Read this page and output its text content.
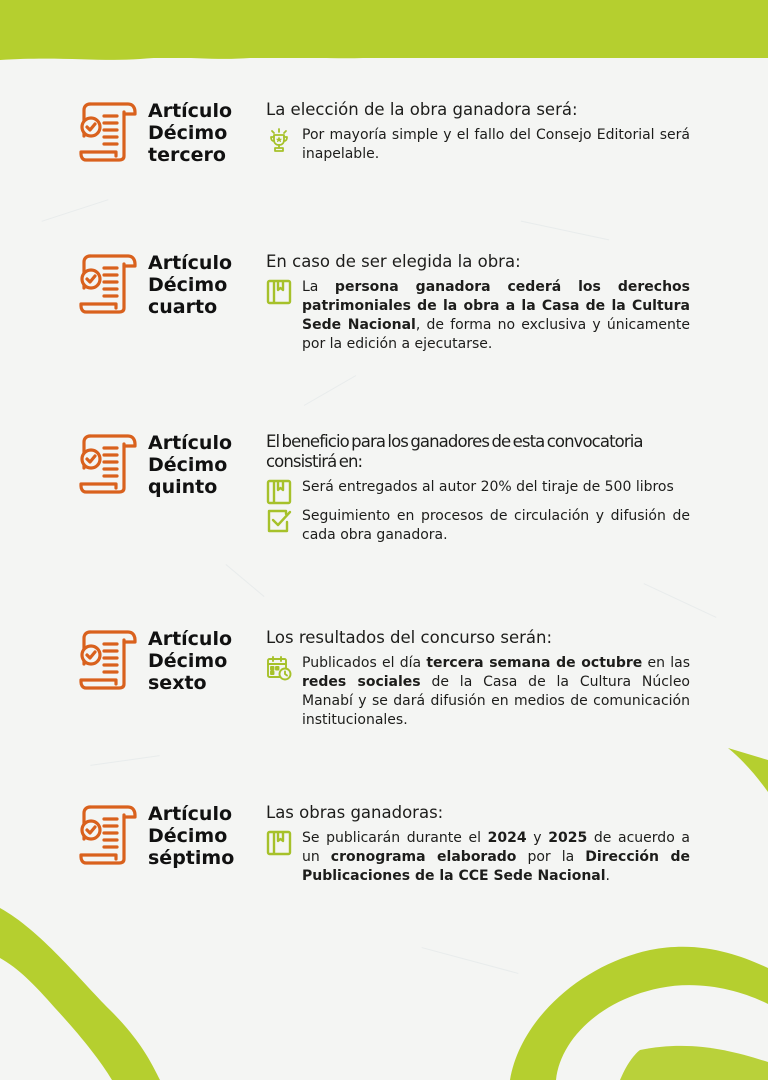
Artículo
Décimo
tercero

La elección de la obra ganadora será:

Por mayoría simple y el fallo del Consejo Editorial será inapelable.
Artículo
Décimo
cuarto

En caso de ser elegida la obra:

La persona ganadora cederá los derechos patrimoniales de la obra a la Casa de la Cultura Sede Nacional, de forma no exclusiva y únicamente por la edición a ejecutarse.
Artículo
Décimo
quinto

El beneficio para los ganadores de esta convocatoria consistirá en:

Será entregados al autor 20% del tiraje de 500 libros
Seguimiento en procesos de circulación y difusión de cada obra ganadora.
Artículo
Décimo
sexto

Los resultados del concurso serán:

Publicados el día tercera semana de octubre en las redes sociales de la Casa de la Cultura Núcleo Manabí y se dará difusión en medios de comunicación institucionales.
Artículo
Décimo
séptimo

Las obras ganadoras:

Se publicarán durante el 2024 y 2025 de acuerdo a un cronograma elaborado por la Dirección de Publicaciones de la CCE Sede Nacional.
